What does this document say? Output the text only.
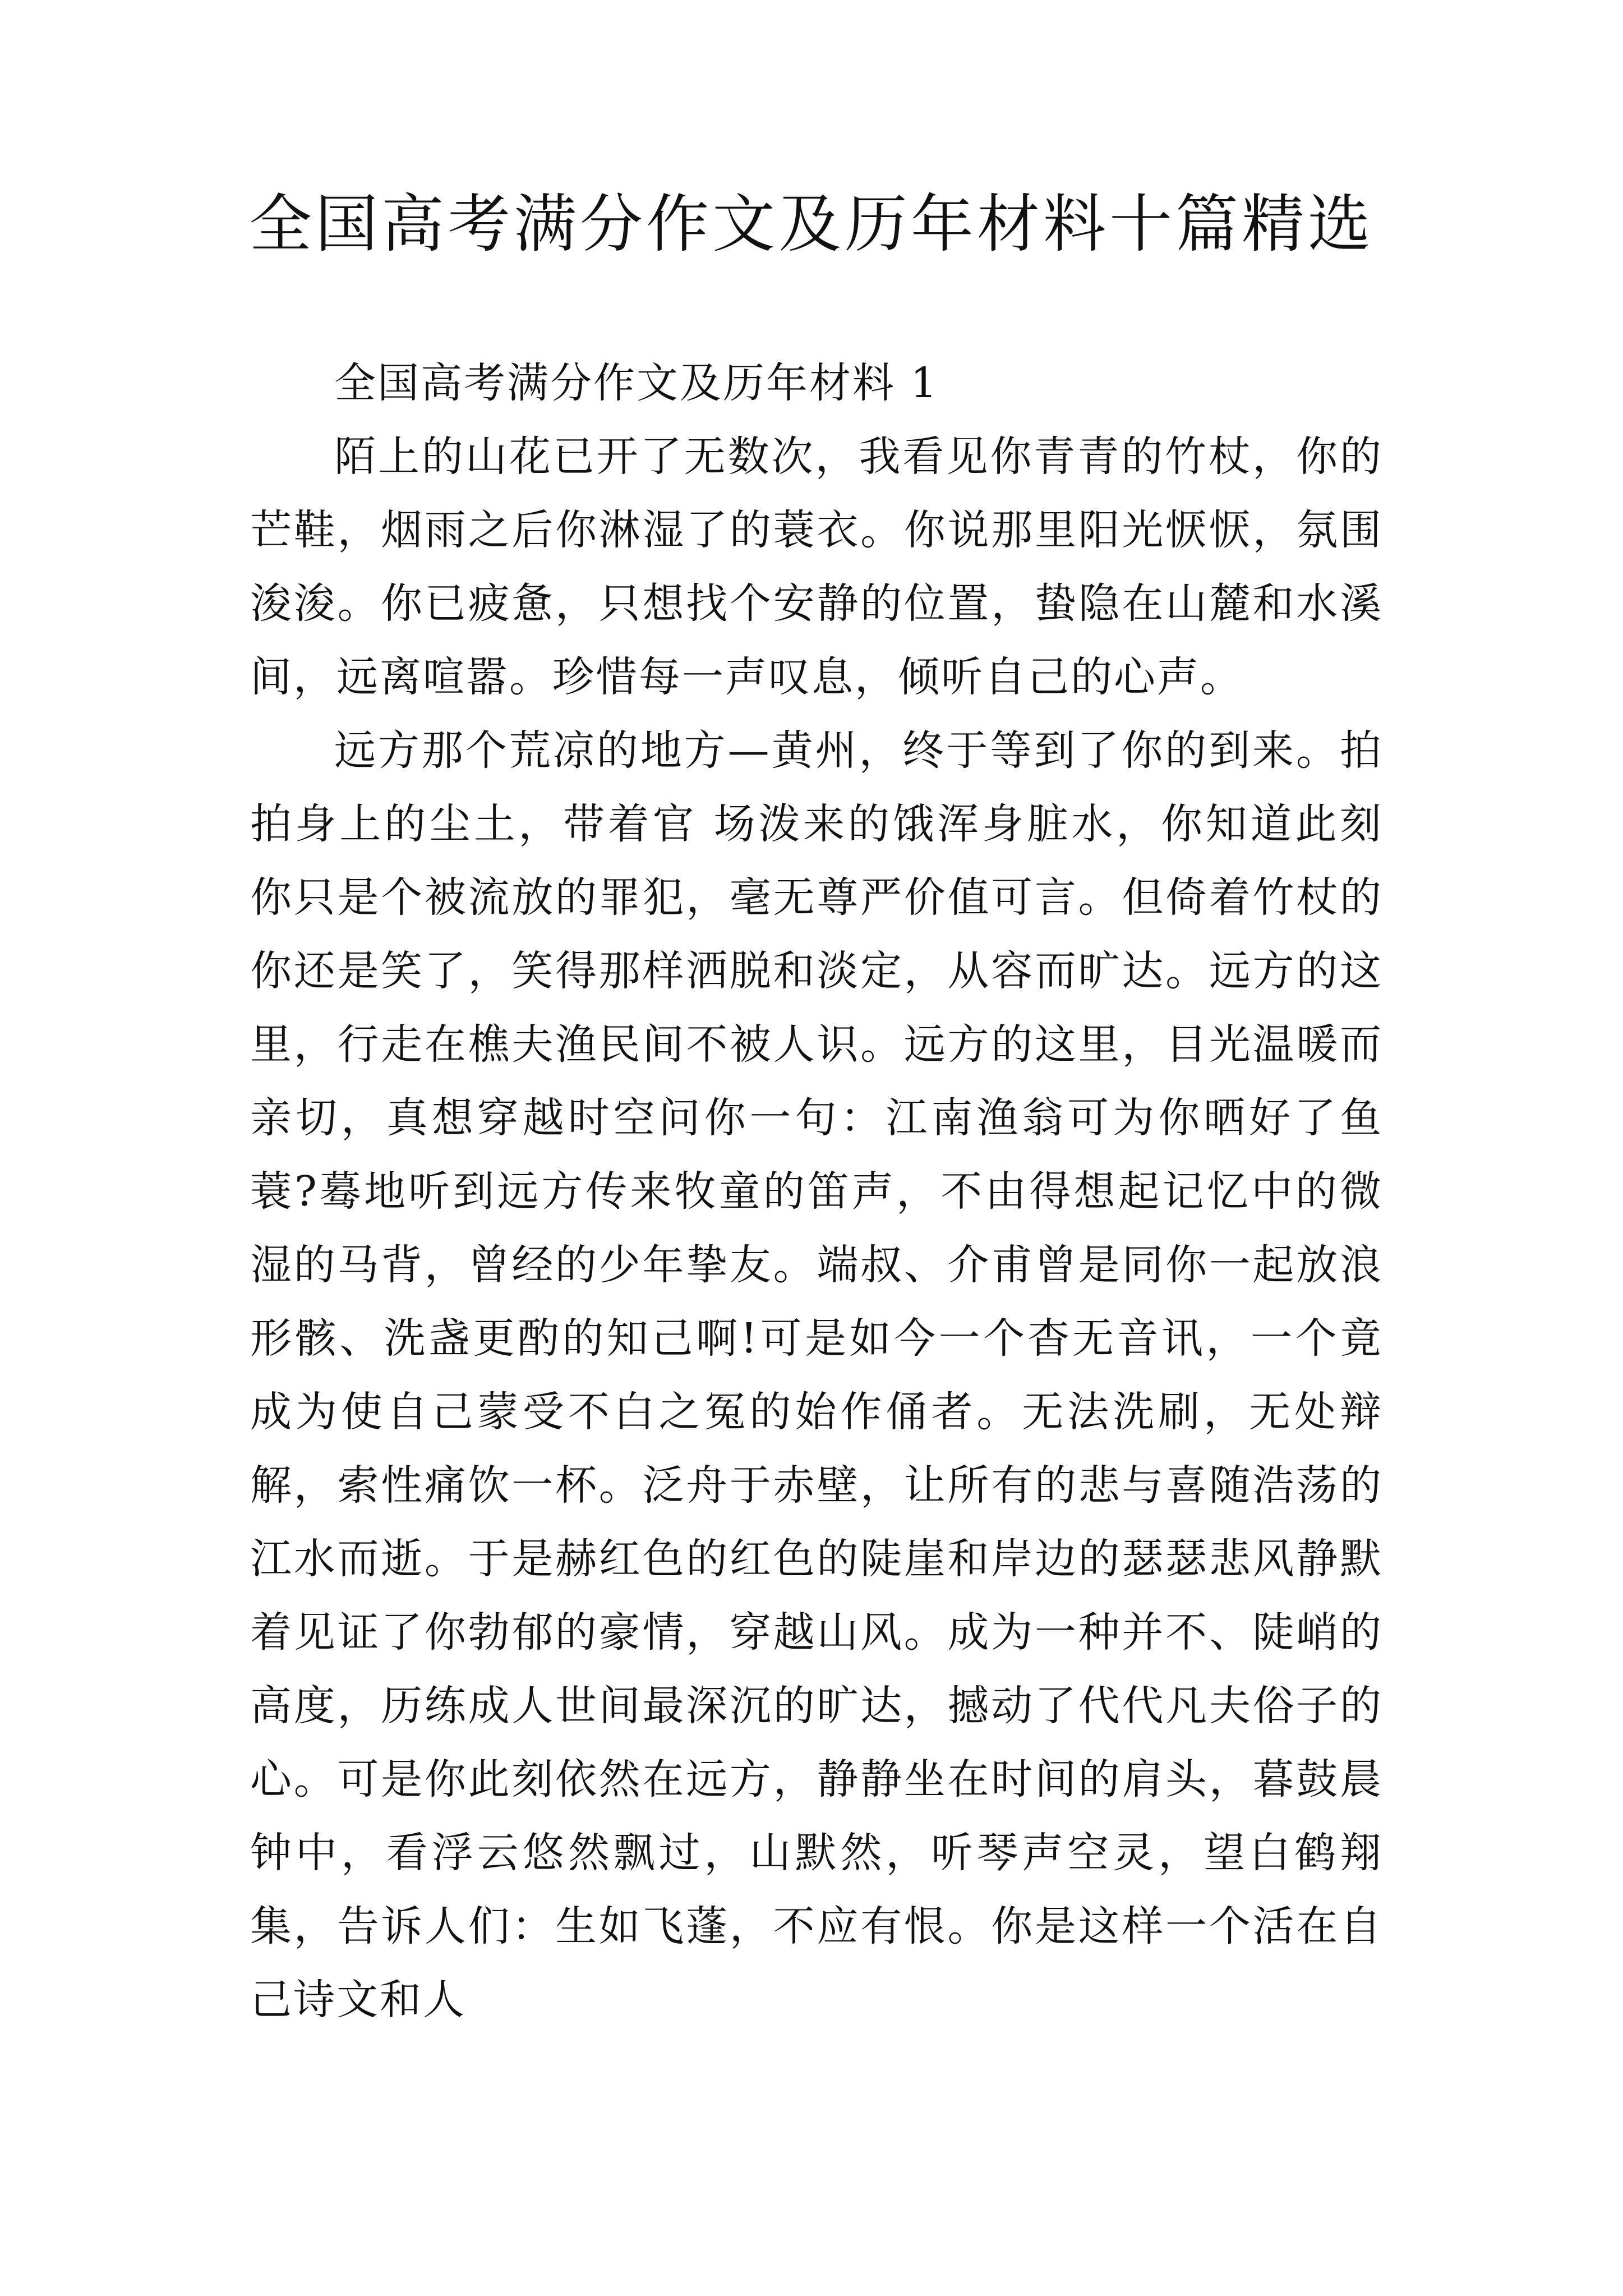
全国高考满分作文及历年材料十篇精选

全国高考满分作文及历年材料 1

陌上的山花已开了无数次，我看见你青青的竹杖，你的芒鞋，烟雨之后你淋湿了的蓑衣。你说那里阳光恹恹，氛围浚浚。你已疲惫，只想找个安静的位置，蛰隐在山麓和水溪间，远离喧嚣。珍惜每一声叹息，倾听自己的心声。

远方那个荒凉的地方—黄州，终于等到了你的到来。拍拍身上的尘土，带着官 场泼来的饿浑身脏水，你知道此刻你只是个被流放的罪犯，毫无尊严价值可言。但倚着竹杖的你还是笑了，笑得那样洒脱和淡定，从容而旷达。远方的这里，行走在樵夫渔民间不被人识。远方的这里，目光温暖而亲切，真想穿越时空问你一句：江南渔翁可为你晒好了鱼蓑?蓦地听到远方传来牧童的笛声，不由得想起记忆中的微湿的马背，曾经的少年挚友。端叔、介甫曾是同你一起放浪形骸、洗盏更酌的知己啊!可是如今一个杳无音讯，一个竟成为使自己蒙受不白之冤的始作俑者。无法洗刷，无处辩解，索性痛饮一杯。泛舟于赤壁，让所有的悲与喜随浩荡的江水而逝。于是赫红色的红色的陡崖和岸边的瑟瑟悲风静默着见证了你勃郁的豪情，穿越山风。成为一种并不、陡峭的高度，历练成人世间最深沉的旷达，撼动了代代凡夫俗子的心。可是你此刻依然在远方，静静坐在时间的肩头，暮鼓晨钟中，看浮云悠然飘过，山默然，听琴声空灵，望白鹤翔集，告诉人们：生如飞蓬，不应有恨。你是这样一个活在自己诗文和人
